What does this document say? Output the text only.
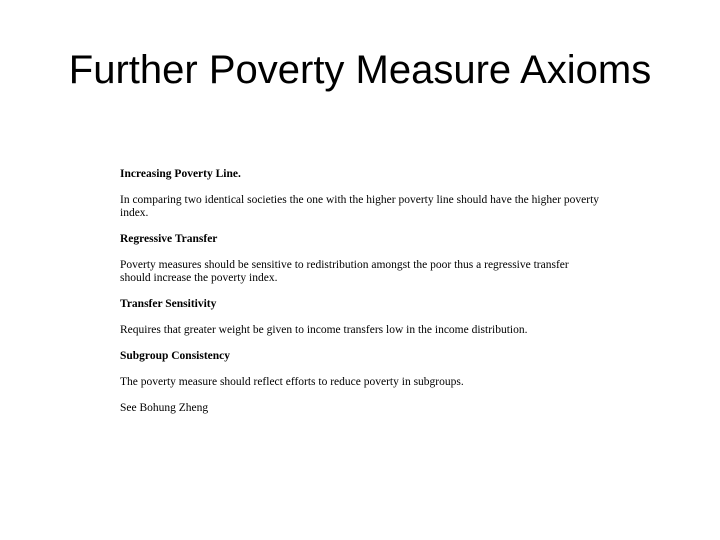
Further Poverty Measure Axioms

Increasing Poverty Line.

In comparing two identical societies the one with the higher poverty line should have the higher poverty index.

Regressive Transfer

Poverty measures should be sensitive to redistribution amongst the poor thus a regressive transfer should increase the poverty index.

Transfer Sensitivity

Requires that greater weight be given to income transfers low in the income distribution.

Subgroup Consistency

The poverty measure should reflect efforts to reduce poverty in subgroups.

See Bohung Zheng
